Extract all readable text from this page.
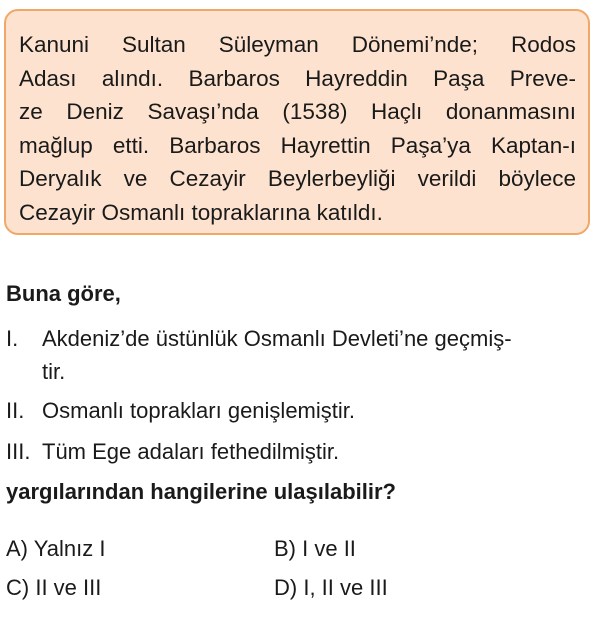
Kanuni Sultan Süleyman Dönemi’nde; Rodos
Adası alındı. Barbaros Hayreddin Paşa Preve-
ze Deniz Savaşı’nda (1538) Haçlı donanmasını
mağlup etti. Barbaros Hayrettin Paşa’ya Kaptan-ı
Deryalık ve Cezayir Beylerbeyliği verildi böylece
Cezayir Osmanlı topraklarına katıldı.

Buna göre,

I. Akdeniz’de üstünlük Osmanlı Devleti’ne geçmiş-
tir.
II. Osmanlı toprakları genişlemiştir.
III. Tüm Ege adaları fethedilmiştir.

yargılarından hangilerine ulaşılabilir?

A) Yalnız I	B) I ve II
C) II ve III	D) I, II ve III
